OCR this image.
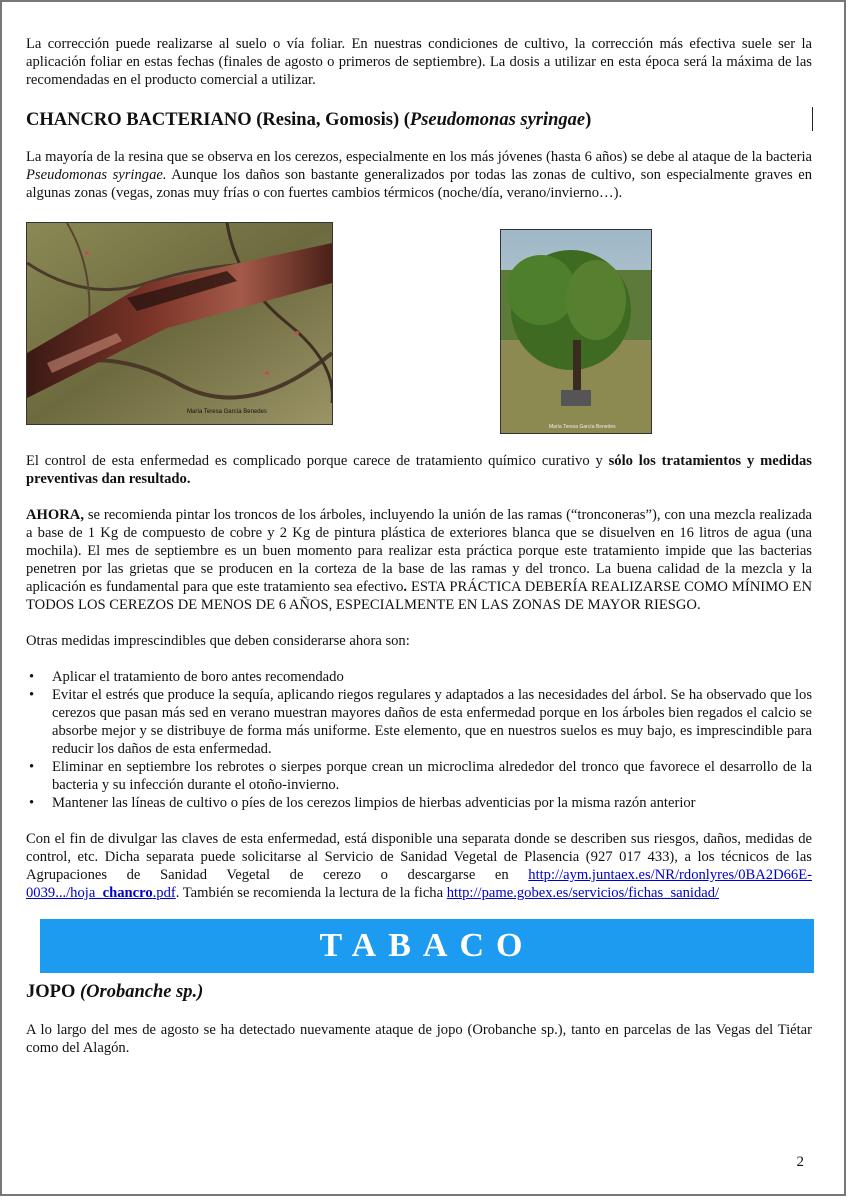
La corrección puede realizarse al suelo o vía foliar. En nuestras condiciones de cultivo, la corrección más efectiva suele ser la aplicación foliar en estas fechas (finales de agosto o primeros de septiembre). La dosis a utilizar en esta época será la máxima de las recomendadas en el producto comercial a utilizar.

CHANCRO BACTERIANO (Resina, Gomosis) (Pseudomonas syringae)

La mayoría de la resina que se observa en los cerezos, especialmente en los más jóvenes (hasta 6 años) se debe al ataque de la bacteria Pseudomonas syringae. Aunque los daños son bastante generalizados por todas las zonas de cultivo, son especialmente graves en algunas zonas (vegas, zonas muy frías o con fuertes cambios térmicos (noche/día, verano/invierno…).

María Teresa García Benedes
María Teresa García Benedes

El control de esta enfermedad es complicado porque carece de tratamiento químico curativo y sólo los tratamientos y medidas preventivas dan resultado.

AHORA, se recomienda pintar los troncos de los árboles, incluyendo la unión de las ramas (“tronconeras”), con una mezcla realizada a base de 1 Kg de compuesto de cobre y 2 Kg de pintura plástica de exteriores blanca que se disuelven en 16 litros de agua (una mochila). El mes de septiembre es un buen momento para realizar esta práctica porque este tratamiento impide que las bacterias penetren por las grietas que se producen en la corteza de la base de las ramas y del tronco. La buena calidad de la mezcla y la aplicación es fundamental para que este tratamiento sea efectivo. ESTA PRÁCTICA DEBERÍA REALIZARSE COMO MÍNIMO EN TODOS LOS CEREZOS DE MENOS DE 6 AÑOS, ESPECIALMENTE EN LAS ZONAS DE MAYOR RIESGO.

Otras medidas imprescindibles que deben considerarse ahora son:

• Aplicar el tratamiento de boro antes recomendado
• Evitar el estrés que produce la sequía, aplicando riegos regulares y adaptados a las necesidades del árbol. Se ha observado que los cerezos que pasan más sed en verano muestran mayores daños de esta enfermedad porque en los árboles bien regados el calcio se absorbe mejor y se distribuye de forma más uniforme. Este elemento, que en nuestros suelos es muy bajo, es imprescindible para reducir los daños de esta enfermedad.
• Eliminar en septiembre los rebrotes o sierpes porque crean un microclima alrededor del tronco que favorece el desarrollo de la bacteria y su infección durante el otoño-invierno.
• Mantener las líneas de cultivo o píes de los cerezos limpios de hierbas adventicias por la misma razón anterior

Con el fin de divulgar las claves de esta enfermedad, está disponible una separata donde se describen sus riesgos, daños, medidas de control, etc. Dicha separata puede solicitarse al Servicio de Sanidad Vegetal de Plasencia (927 017 433), a los técnicos de las Agrupaciones de Sanidad Vegetal de cerezo o descargarse en http://aym.juntaex.es/NR/rdonlyres/0BA2D66E-0039.../hoja_chancro.pdf. También se recomienda la lectura de la ficha http://pame.gobex.es/servicios/fichas_sanidad/

TABACO
JOPO (Orobanche sp.)

A lo largo del mes de agosto se ha detectado nuevamente ataque de jopo (Orobanche sp.), tanto en parcelas de las Vegas del Tiétar como del Alagón.

2
